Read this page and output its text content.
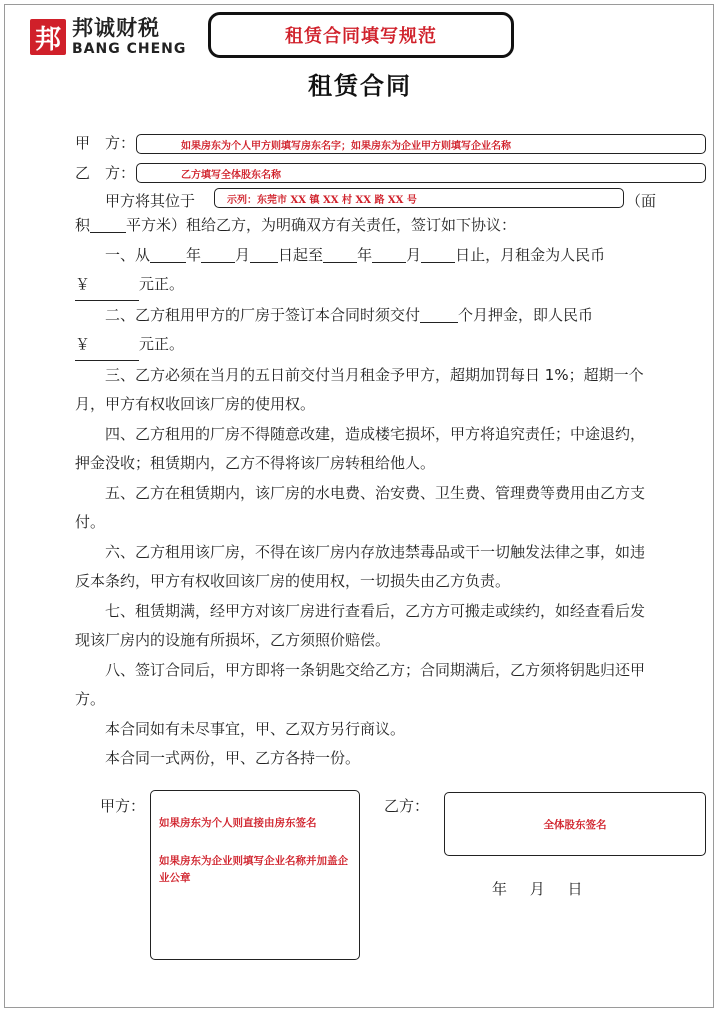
邦 邦诚财税
BANG CHENG
租赁合同填写规范
租赁合同
甲　方：	如果房东为个人甲方则填写房东名字；如果房东为企业甲方则填写企业名称
乙　方：	乙方填写全体股东名称
甲方将其位于	示列：东莞市 XX 镇 XX 村 XX 路 XX 号	（面

积 平方米）租给乙方，为明确双方有关责任，签订如下协议：

一、从 年 月 日起至 年 月 日止，月租金为人民币

￥	元正。

二、乙方租用甲方的厂房于签订本合同时须交付	个月押金，即人民币

￥	元正。

三、乙方必须在当月的五日前交付当月租金予甲方，超期加罚每日 1%；超期一个月，甲方有权收回该厂房的使用权。

四、乙方租用的厂房不得随意改建，造成楼宅损坏，甲方将追究责任；中途退约，押金没收；租赁期内，乙方不得将该厂房转租给他人。

五、乙方在租赁期内，该厂房的水电费、治安费、卫生费、管理费等费用由乙方支付。

六、乙方租用该厂房，不得在该厂房内存放违禁毒品或干一切触发法律之事，如违反本条约，甲方有权收回该厂房的使用权，一切损失由乙方负责。

七、租赁期满，经甲方对该厂房进行查看后，乙方方可搬走或续约，如经查看后发现该厂房内的设施有所损坏，乙方须照价赔偿。

八、签订合同后，甲方即将一条钥匙交给乙方；合同期满后，乙方须将钥匙归还甲方。

本合同如有未尽事宜，甲、乙双方另行商议。

本合同一式两份，甲、乙方各持一份。

甲方：
如果房东为个人则直接由房东签名
如果房东为企业则填写企业名称并加盖企业公章
乙方：
全体股东签名
年 月 日
